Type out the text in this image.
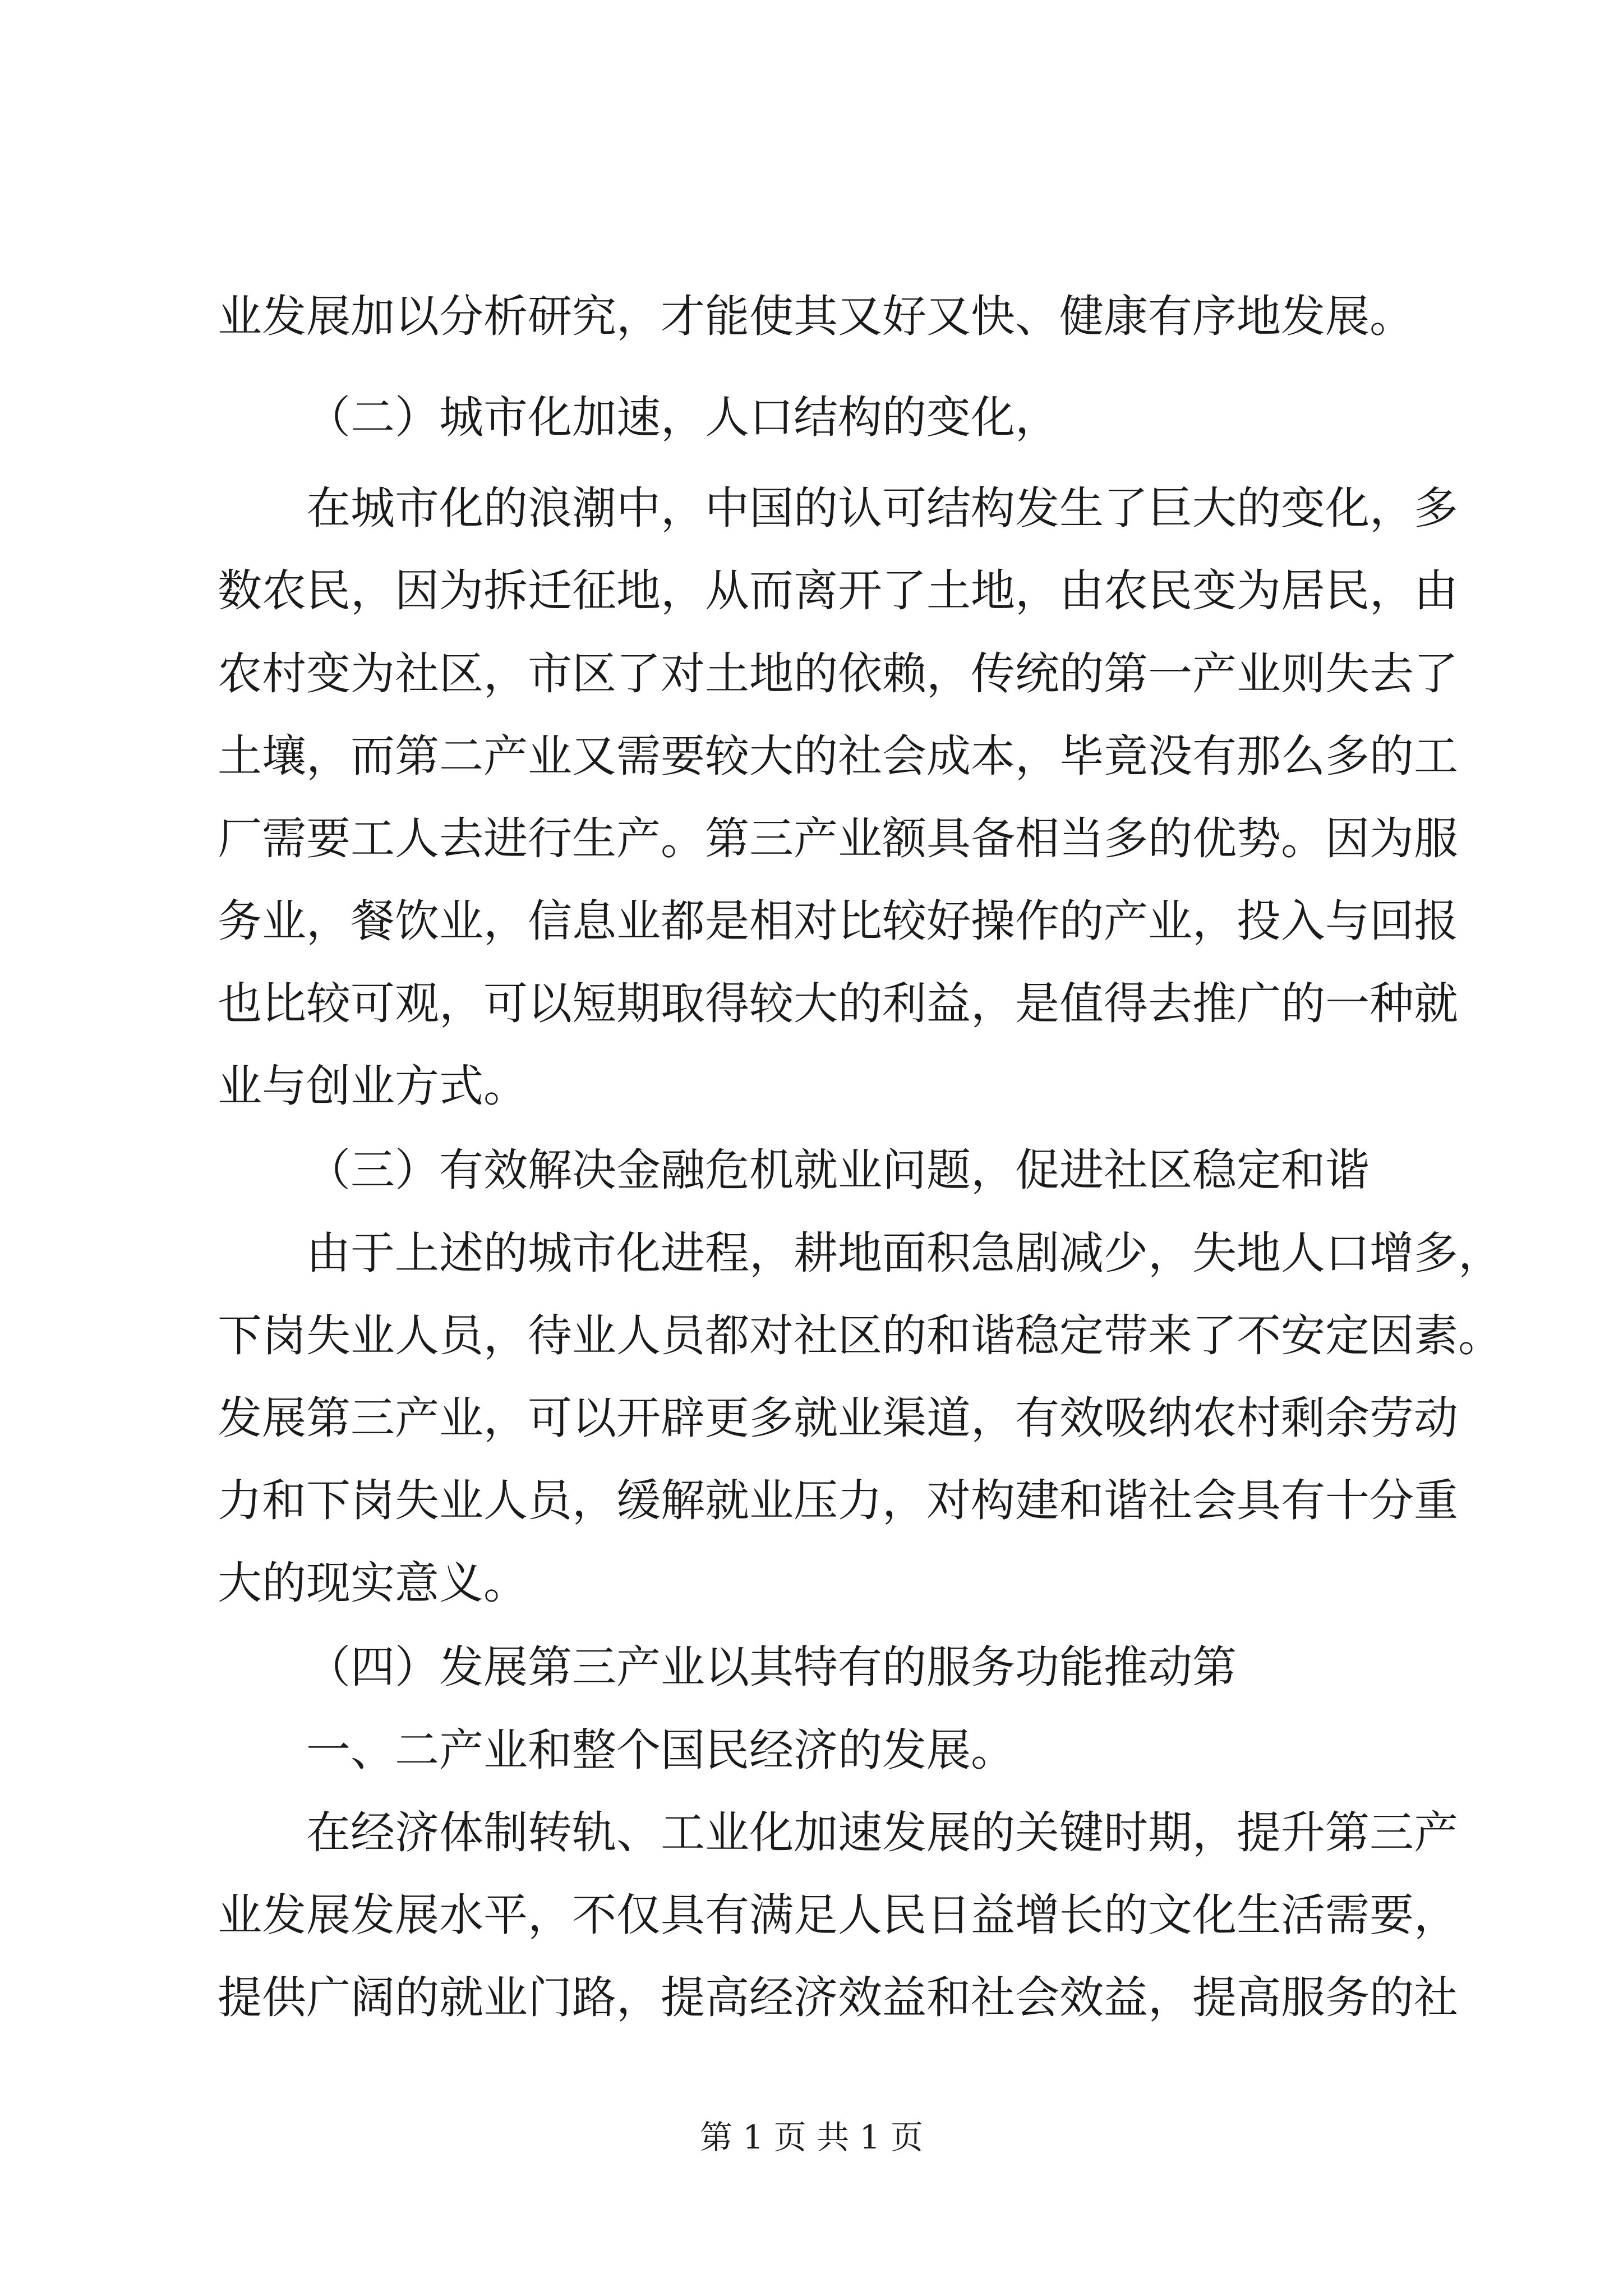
业 发 展 加 以 分 析 研 究 ， 才 能 使 其 又 好 又 快 、 健 康 有 序 地 发 展 。
（二）城市化加速，人口结构的变化，
在 城 市 化 的 浪 潮 中 ， 中 国 的 认 可 结 构 发 生 了 巨 大 的 变 化 ， 多
数 农 民 ， 因 为 拆 迁 征 地 ， 从 而 离 开 了 土 地 ， 由 农 民 变 为 居 民 ， 由
农 村 变 为 社 区 ， 市 区 了 对 土 地 的 依 赖 ， 传 统 的 第 一 产 业 则 失 去 了
土 壤 ， 而 第 二 产 业 又 需 要 较 大 的 社 会 成 本 ， 毕 竟 没 有 那 么 多 的 工
厂 需 要 工 人 去 进 行 生 产 。 第 三 产 业 额 具 备 相 当 多 的 优 势 。 因 为 服
务 业 ， 餐 饮 业 ， 信 息 业 都 是 相 对 比 较 好 操 作 的 产 业 ， 投 入 与 回 报
也 比 较 可 观 ， 可 以 短 期 取 得 较 大 的 利 益 ， 是 值 得 去 推 广 的 一 种 就
业与创业方式。
（三）有效解决金融危机就业问题，促进社区稳定和谐
由 于 上 述 的 城 市 化 进 程 ， 耕 地 面 积 急 剧 减 少 ， 失 地 人 口 增 多 ，
下 岗 失 业 人 员 ， 待 业 人 员 都 对 社 区 的 和 谐 稳 定 带 来 了 不 安 定 因 素 。
发 展 第 三 产 业 ， 可 以 开 辟 更 多 就 业 渠 道 ， 有 效 吸 纳 农 村 剩 余 劳 动
力 和 下 岗 失 业 人 员 ， 缓 解 就 业 压 力 ， 对 构 建 和 谐 社 会 具 有 十 分 重
大的现实意义。
（四）发展第三产业以其特有的服务功能推动第
一、二产业和整个国民经济的发展。
在 经 济 体 制 转 轨 、 工 业 化 加 速 发 展 的 关 键 时 期 ， 提 升 第 三 产
业 发 展 发 展 水 平 ， 不 仅 具 有 满 足 人 民 日 益 增 长 的 文 化 生 活 需 要 ，
提 供 广 阔 的 就 业 门 路 ， 提 高 经 济 效 益 和 社 会 效 益 ， 提 高 服 务 的 社
第 1 页 共 1 页
